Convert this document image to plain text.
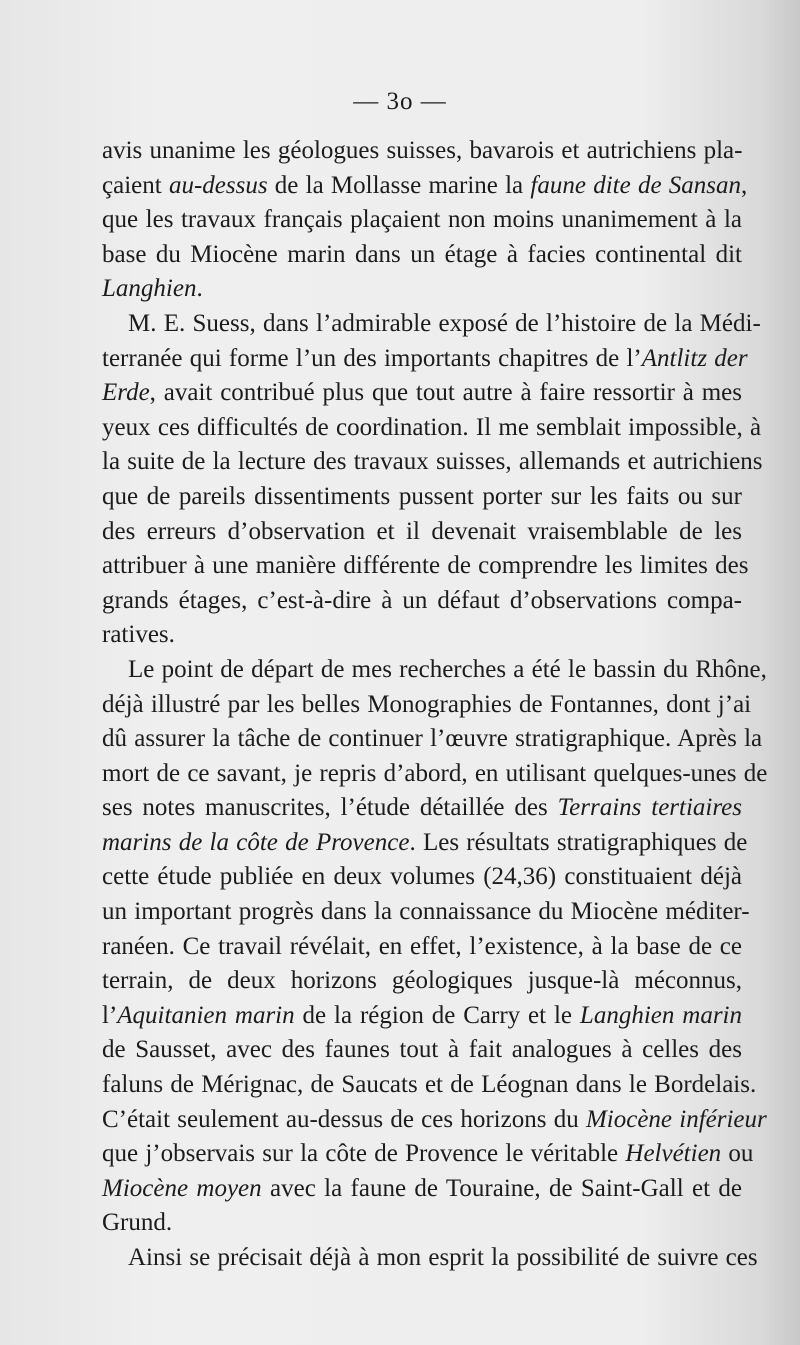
— 3o —
avis unanime les géologues suisses, bavarois et autrichiens pla-
çaient au-dessus de la Mollasse marine la faune dite de Sansan,
que les travaux français plaçaient non moins unanimement à la
base du Miocène marin dans un étage à facies continental dit
Langhien.
M. E. Suess, dans l’admirable exposé de l’histoire de la Médi-
terranée qui forme l’un des importants chapitres de l’Antlitz der
Erde, avait contribué plus que tout autre à faire ressortir à mes
yeux ces difficultés de coordination. Il me semblait impossible, à
la suite de la lecture des travaux suisses, allemands et autrichiens
que de pareils dissentiments pussent porter sur les faits ou sur
des erreurs d’observation et il devenait vraisemblable de les
attribuer à une manière différente de comprendre les limites des
grands étages, c’est-à-dire à un défaut d’observations compa-
ratives.
Le point de départ de mes recherches a été le bassin du Rhône,
déjà illustré par les belles Monographies de Fontannes, dont j’ai
dû assurer la tâche de continuer l’œuvre stratigraphique. Après la
mort de ce savant, je repris d’abord, en utilisant quelques-unes de
ses notes manuscrites, l’étude détaillée des Terrains tertiaires
marins de la côte de Provence. Les résultats stratigraphiques de
cette étude publiée en deux volumes (24,36) constituaient déjà
un important progrès dans la connaissance du Miocène méditer-
ranéen. Ce travail révélait, en effet, l’existence, à la base de ce
terrain, de deux horizons géologiques jusque-là méconnus,
l’Aquitanien marin de la région de Carry et le Langhien marin
de Sausset, avec des faunes tout à fait analogues à celles des
faluns de Mérignac, de Saucats et de Léognan dans le Bordelais.
C’était seulement au-dessus de ces horizons du Miocène inférieur
que j’observais sur la côte de Provence le véritable Helvétien ou
Miocène moyen avec la faune de Touraine, de Saint-Gall et de
Grund.
Ainsi se précisait déjà à mon esprit la possibilité de suivre ces
